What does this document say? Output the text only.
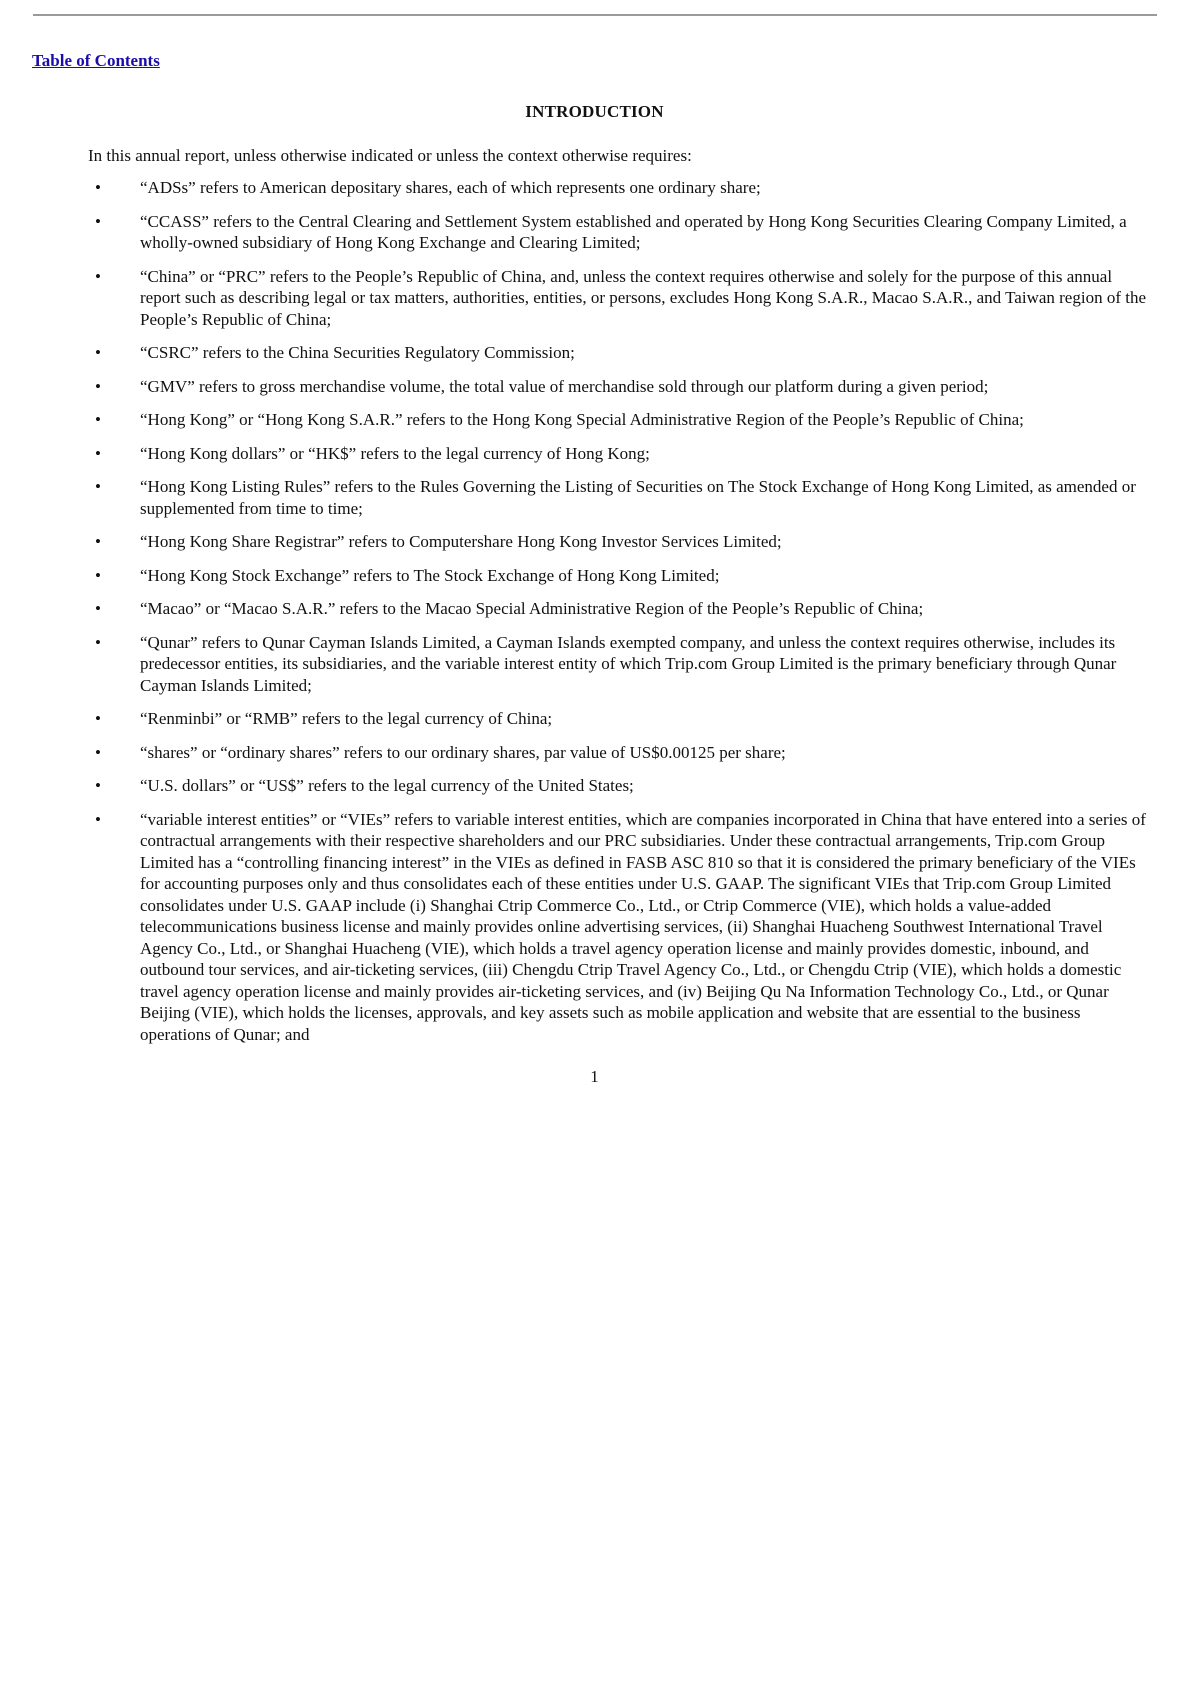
Table of Contents
INTRODUCTION
In this annual report, unless otherwise indicated or unless the context otherwise requires:
• “ADSs” refers to American depositary shares, each of which represents one ordinary share;
• “CCASS” refers to the Central Clearing and Settlement System established and operated by Hong Kong Securities Clearing Company Limited, a wholly-owned subsidiary of Hong Kong Exchange and Clearing Limited;
• “China” or “PRC” refers to the People’s Republic of China, and, unless the context requires otherwise and solely for the purpose of this annual report such as describing legal or tax matters, authorities, entities, or persons, excludes Hong Kong S.A.R., Macao S.A.R., and Taiwan region of the People’s Republic of China;
• “CSRC” refers to the China Securities Regulatory Commission;
• “GMV” refers to gross merchandise volume, the total value of merchandise sold through our platform during a given period;
• “Hong Kong” or “Hong Kong S.A.R.” refers to the Hong Kong Special Administrative Region of the People’s Republic of China;
• “Hong Kong dollars” or “HK$” refers to the legal currency of Hong Kong;
• “Hong Kong Listing Rules” refers to the Rules Governing the Listing of Securities on The Stock Exchange of Hong Kong Limited, as amended or supplemented from time to time;
• “Hong Kong Share Registrar” refers to Computershare Hong Kong Investor Services Limited;
• “Hong Kong Stock Exchange” refers to The Stock Exchange of Hong Kong Limited;
• “Macao” or “Macao S.A.R.” refers to the Macao Special Administrative Region of the People’s Republic of China;
• “Qunar” refers to Qunar Cayman Islands Limited, a Cayman Islands exempted company, and unless the context requires otherwise, includes its predecessor entities, its subsidiaries, and the variable interest entity of which Trip.com Group Limited is the primary beneficiary through Qunar Cayman Islands Limited;
• “Renminbi” or “RMB” refers to the legal currency of China;
• “shares” or “ordinary shares” refers to our ordinary shares, par value of US$0.00125 per share;
• “U.S. dollars” or “US$” refers to the legal currency of the United States;
• “variable interest entities” or “VIEs” refers to variable interest entities, which are companies incorporated in China that have entered into a series of contractual arrangements with their respective shareholders and our PRC subsidiaries. Under these contractual arrangements, Trip.com Group Limited has a “controlling financing interest” in the VIEs as defined in FASB ASC 810 so that it is considered the primary beneficiary of the VIEs for accounting purposes only and thus consolidates each of these entities under U.S. GAAP. The significant VIEs that Trip.com Group Limited consolidates under U.S. GAAP include (i) Shanghai Ctrip Commerce Co., Ltd., or Ctrip Commerce (VIE), which holds a value-added telecommunications business license and mainly provides online advertising services, (ii) Shanghai Huacheng Southwest International Travel Agency Co., Ltd., or Shanghai Huacheng (VIE), which holds a travel agency operation license and mainly provides domestic, inbound, and outbound tour services, and air-ticketing services, (iii) Chengdu Ctrip Travel Agency Co., Ltd., or Chengdu Ctrip (VIE), which holds a domestic travel agency operation license and mainly provides air-ticketing services, and (iv) Beijing Qu Na Information Technology Co., Ltd., or Qunar Beijing (VIE), which holds the licenses, approvals, and key assets such as mobile application and website that are essential to the business operations of Qunar; and
1
